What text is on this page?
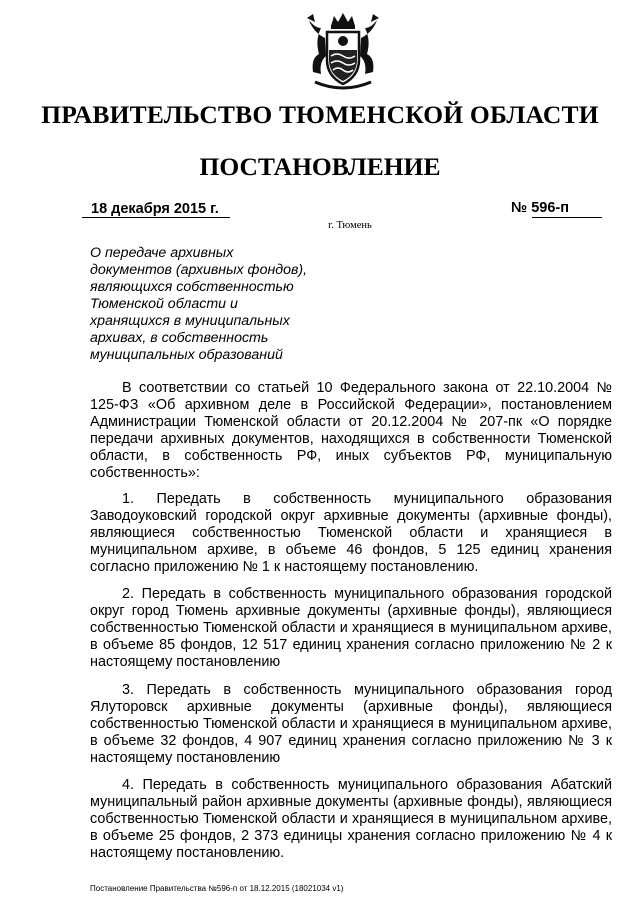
ПРАВИТЕЛЬСТВО ТЮМЕНСКОЙ ОБЛАСТИ
ПОСТАНОВЛЕНИЕ
18 декабря 2015 г.	№ 596-п
г. Тюмень
О передаче архивных
документов (архивных фондов),
являющихся собственностью
Тюменской области и
хранящихся в муниципальных
архивах, в собственность
муниципальных образований

В соответствии со статьей 10 Федерального закона от 22.10.2004 № 125-ФЗ «Об архивном деле в Российской Федерации», постановлением Администрации Тюменской области от 20.12.2004 № 207-пк «О порядке передачи архивных документов, находящихся в собственности Тюменской области, в собственность РФ, иных субъектов РФ, муниципальную собственность»:

1. Передать в собственность муниципального образования Заводоуковский городской округ архивные документы (архивные фонды), являющиеся собственностью Тюменской области и хранящиеся в муниципальном архиве, в объеме 46 фондов, 5 125 единиц хранения согласно приложению № 1 к настоящему постановлению.

2. Передать в собственность муниципального образования городской округ город Тюмень архивные документы (архивные фонды), являющиеся собственностью Тюменской области и хранящиеся в муниципальном архиве, в объеме 85 фондов, 12 517 единиц хранения согласно приложению № 2 к настоящему постановлению

3. Передать в собственность муниципального образования город Ялуторовск архивные документы (архивные фонды), являющиеся собственностью Тюменской области и хранящиеся в муниципальном архиве, в объеме 32 фондов, 4 907 единиц хранения согласно приложению № 3 к настоящему постановлению

4. Передать в собственность муниципального образования Абатский муниципальный район архивные документы (архивные фонды), являющиеся собственностью Тюменской области и хранящиеся в муниципальном архиве, в объеме 25 фондов, 2 373 единицы хранения согласно приложению № 4 к настоящему постановлению.

Постановление Правительства №596-п от 18.12.2015 (18021034 v1)
